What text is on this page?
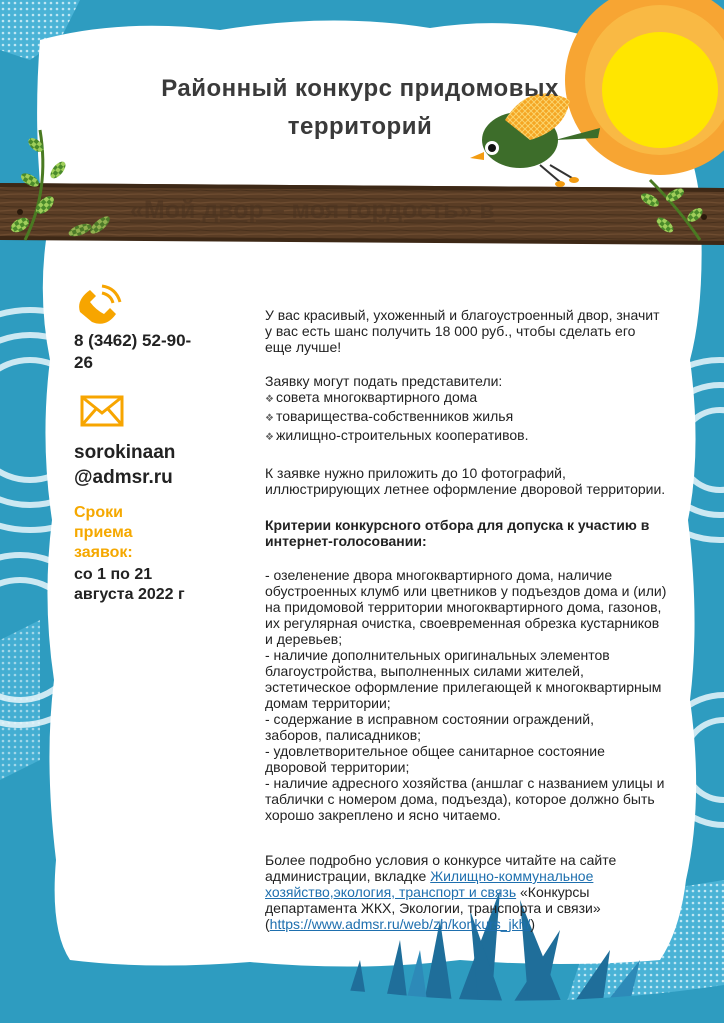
Районный конкурс придомовых
территорий
«Мой двор – моя гордость» в
8 (3462) 52-90-
26
sorokinaan
@admsr.ru
Сроки
приема
заявок:
со 1 по 21
августа 2022 г
У вас красивый, ухоженный и благоустроенный двор, значит
у вас есть шанс получить 18 000 руб., чтобы сделать его
еще лучше!
Заявку могут подать представители:
❖ совета многоквартирного дома
❖ товарищества-собственников жилья
❖ жилищно-строительных кооперативов.
К заявке нужно приложить до 10 фотографий,
иллюстрирующих летнее оформление дворовой территории.
Критерии конкурсного отбора для допуска к участию в
интернет-голосовании:
- озеленение двора многоквартирного дома, наличие
обустроенных клумб или цветников у подъездов дома и (или)
на придомовой территории многоквартирного дома, газонов,
их регулярная очистка, своевременная обрезка кустарников
и деревьев;
- наличие дополнительных оригинальных элементов
благоустройства, выполненных силами жителей,
эстетическое оформление прилегающей к многоквартирным
домам территории;
- содержание в исправном состоянии ограждений,
заборов, палисадников;
- удовлетворительное общее санитарное состояние
дворовой территории;
- наличие адресного хозяйства (аншлаг с названием улицы и
таблички с номером дома, подъезда), которое должно быть
хорошо закреплено и ясно читаемо.
Более подробно условия о конкурсе читайте на сайте
администрации, вкладке Жилищно-коммунальное
хозяйство,экология, транспорт и связь «Конкурсы
департамента ЖКХ, Экологии, транспорта и связи»
(https://www.admsr.ru/web/zh/konkurs_jkh/)
